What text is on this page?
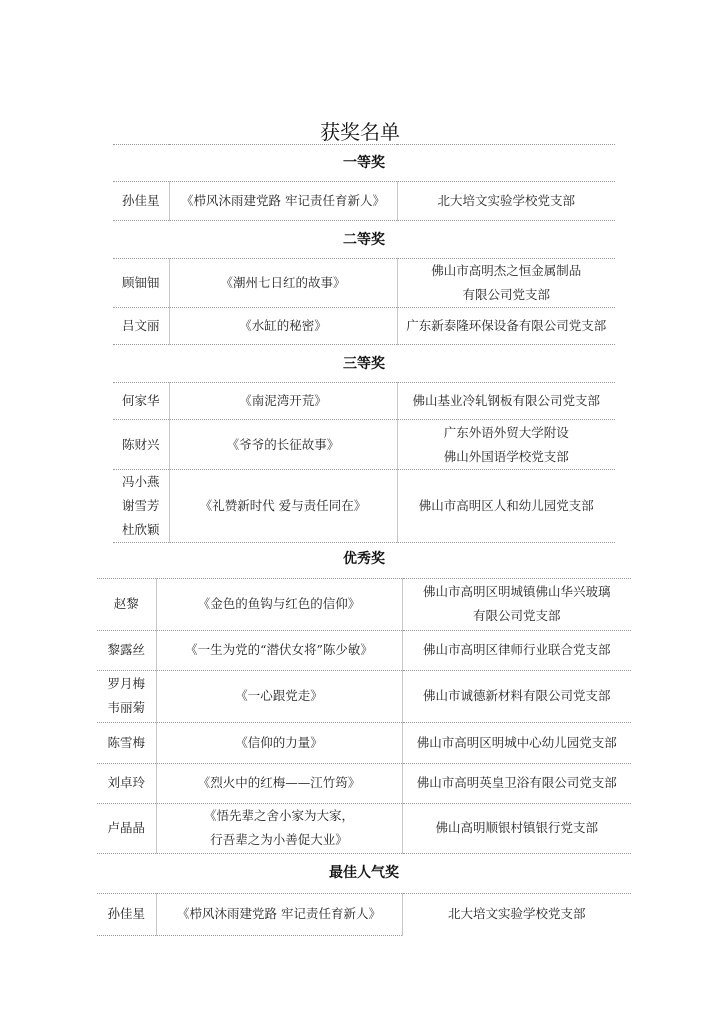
获奖名单
一等奖		

孙佳星	《栉风沐雨建党路 牢记责任育新人》	北大培文实验学校党支部

二等奖		

顾钿钿	《潮州七日红的故事》	佛山市高明杰之恒金属制品
有限公司党支部

吕文丽	《水缸的秘密》	广东新泰隆环保设备有限公司党支部

三等奖		

何家华	《南泥湾开荒》	佛山基业冷轧钢板有限公司党支部

陈财兴	《爷爷的长征故事》	广东外语外贸大学附设
佛山外国语学校党支部

冯小燕
谢雪芳
杜欣颖	《礼赞新时代 爱与责任同在》	佛山市高明区人和幼儿园党支部
优秀奖		

赵黎	《金色的鱼钩与红色的信仰》	佛山市高明区明城镇佛山华兴玻璃
有限公司党支部

黎露丝	《一生为党的“潜伏女将”陈少敏》	佛山市高明区律师行业联合党支部

罗月梅
韦丽菊	《一心跟党走》	佛山市诚德新材料有限公司党支部

陈雪梅	《信仰的力量》	佛山市高明区明城中心幼儿园党支部

刘卓玲	《烈火中的红梅——江竹筠》	佛山市高明英皇卫浴有限公司党支部

卢晶晶	《悟先辈之舍小家为大家，
行吾辈之为小善促大业》	佛山高明顺银村镇银行党支部
最佳人气奖

孙佳星	《栉风沐雨建党路 牢记责任育新人》	北大培文实验学校党支部
